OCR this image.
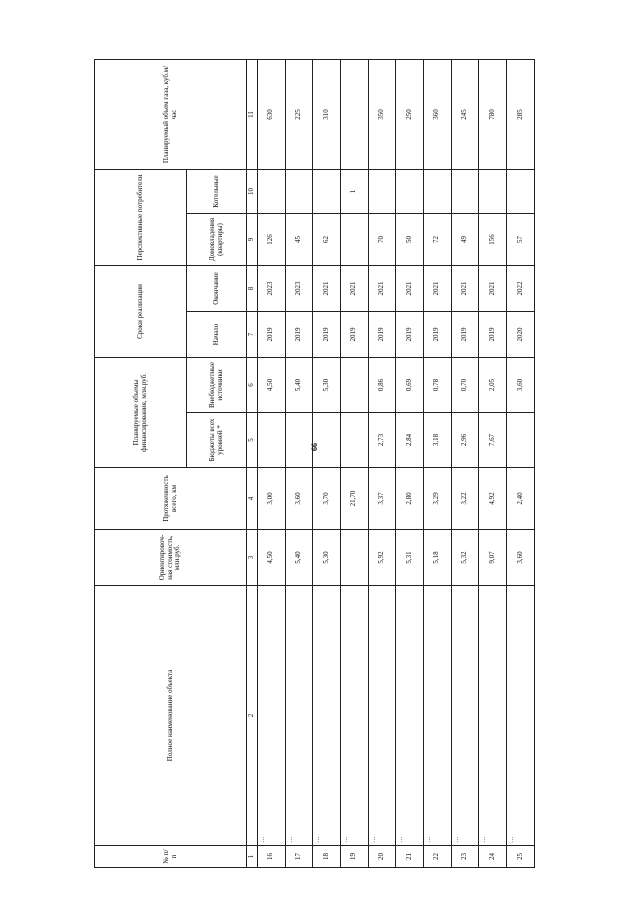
66
№ п/п	Полное наименование объекта	Ориентировоч-ная стоимость, млн.руб.	Протяженность всего, км	Планируемые объемы финансирования, млн.руб.		Сроки реализации		Перспективные потребители		Планируемый объем газа, куб.м/час
				Бюджеты всех уровней *	Внебюджетные источники	Начало	Окончание	Домовладения (квартиры)	Котельные	
1	2	3	4	5	6	7	8	9	10	11
16	…	4,50	3,00		4,50	2019	2023	126		630
17	…	5,40	3,60		5,40	2019	2023	45		225
18	…	5,30	3,70		5,30	2019	2021	62		310
19	…		21,70			2019	2021		1	
20	…	5,92	3,37	2,73	0,86	2019	2021	70		350
21	…	5,31	2,80	2,84	0,69	2019	2021	50		250
22	…	5,18	3,29	3,18	0,78	2019	2021	72		360
23	…	5,32	3,22	2,96	0,70	2019	2021	49		245
24	…	9,07	4,92	7,67	2,05	2019	2021	156		780
25	…	3,60	2,40		3,60	2020	2022	57		285
